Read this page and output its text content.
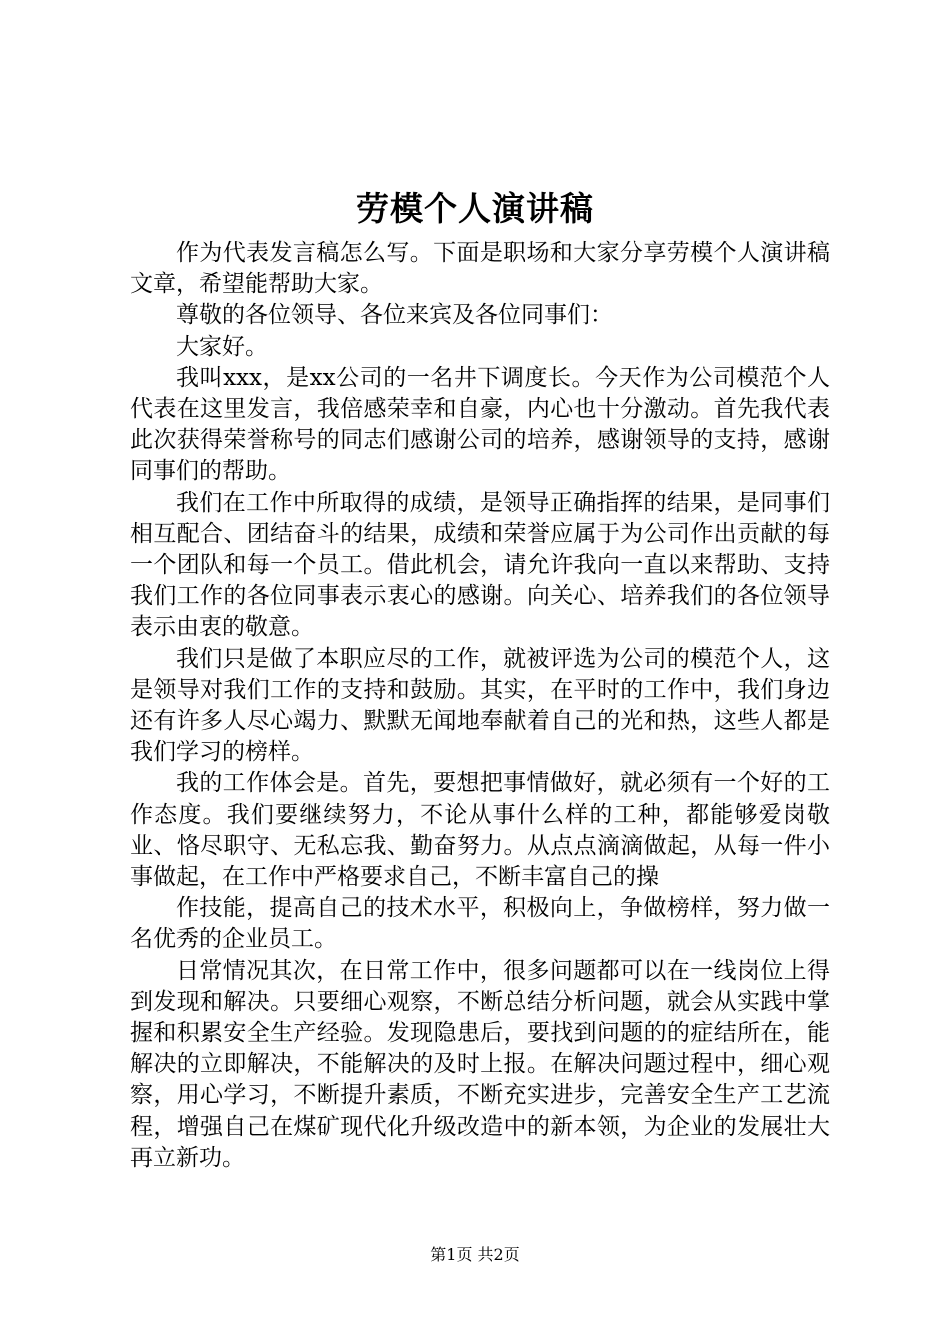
劳模个人演讲稿

作为代表发言稿怎么写。下面是职场和大家分享劳模个人演讲稿文章，希望能帮助大家。

尊敬的各位领导、各位来宾及各位同事们：

大家好。

我叫xxx，是xx公司的一名井下调度长。今天作为公司模范个人代表在这里发言，我倍感荣幸和自豪，内心也十分激动。首先我代表此次获得荣誉称号的同志们感谢公司的培养，感谢领导的支持，感谢同事们的帮助。

我们在工作中所取得的成绩，是领导正确指挥的结果，是同事们相互配合、团结奋斗的结果，成绩和荣誉应属于为公司作出贡献的每一个团队和每一个员工。借此机会，请允许我向一直以来帮助、支持我们工作的各位同事表示衷心的感谢。向关心、培养我们的各位领导表示由衷的敬意。

我们只是做了本职应尽的工作，就被评选为公司的模范个人，这是领导对我们工作的支持和鼓励。其实，在平时的工作中，我们身边还有许多人尽心竭力、默默无闻地奉献着自己的光和热，这些人都是我们学习的榜样。

我的工作体会是。首先，要想把事情做好，就必须有一个好的工作态度。我们要继续努力，不论从事什么样的工种，都能够爱岗敬业、恪尽职守、无私忘我、勤奋努力。从点点滴滴做起，从每一件小事做起，在工作中严格要求自己，不断丰富自己的操

作技能，提高自己的技术水平，积极向上，争做榜样，努力做一名优秀的企业员工。

日常情况其次，在日常工作中，很多问题都可以在一线岗位上得到发现和解决。只要细心观察，不断总结分析问题，就会从实践中掌握和积累安全生产经验。发现隐患后，要找到问题的的症结所在，能解决的立即解决，不能解决的及时上报。在解决问题过程中，细心观察，用心学习，不断提升素质，不断充实进步，完善安全生产工艺流程，增强自己在煤矿现代化升级改造中的新本领，为企业的发展壮大再立新功。

第1页 共2页
